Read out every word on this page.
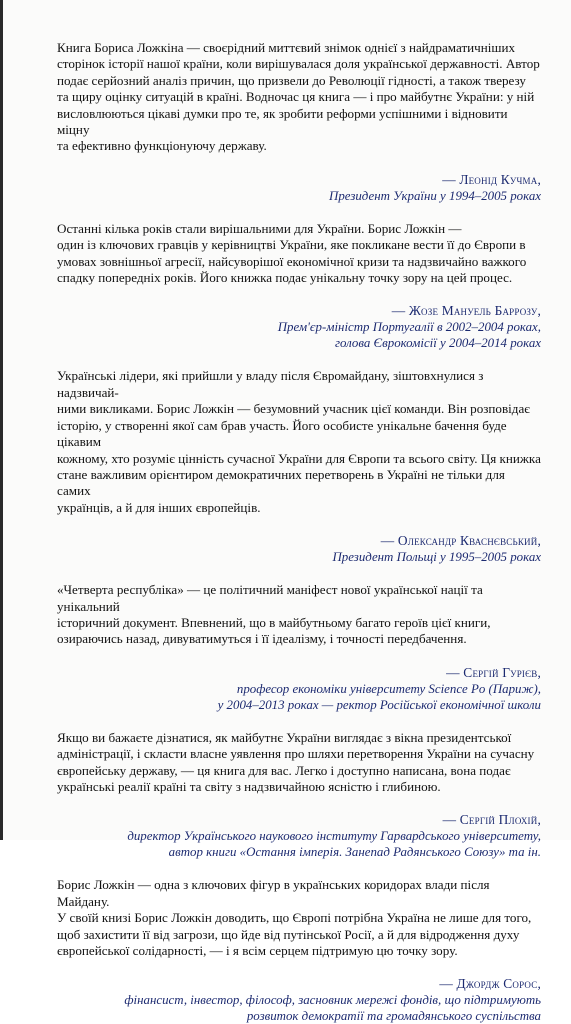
Книга Бориса Ложкіна — своєрідний миттєвий знімок однієї з найдраматичніших

сторінок історії нашої країни, коли вирішувалася доля української державності. Автор

подає серйозний аналіз причин, що призвели до Революції гідності, а також тверезу

та щиру оцінку ситуацій в країні. Водночас ця книга — і про майбутнє України: у ній

висловлюються цікаві думки про те, як зробити реформи успішними і відновити міцну

та ефективно функціонуючу державу.

— Леонід Кучма,
Президент України у 1994–2005 роках

Останні кілька років стали вирішальними для України. Борис Ложкін —

один із ключових гравців у керівництві України, яке покликане вести її до Європи в

умовах зовнішньої агресії, найсуворішої економічної кризи та надзвичайно важкого

спадку попередніх років. Його книжка подає унікальну точку зору на цей процес.

— Жозе Мануель Баррозу,
Прем'єр-міністр Португалії в 2002–2004 роках,
голова Єврокомісії у 2004–2014 роках

Українські лідери, які прийшли у владу після Євромайдану, зіштовхнулися з надзвичай-

ними викликами. Борис Ложкін — безумовний учасник цієї команди. Він розповідає

історію, у створенні якої сам брав участь. Його особисте унікальне бачення буде цікавим

кожному, хто розуміє цінність сучасної України для Європи та всього світу. Ця книжка

стане важливим орієнтиром демократичних перетворень в Україні не тільки для самих

українців, а й для інших європейців.

— Олександр Кваснєвський,
Президент Польщі у 1995–2005 роках

«Четверта республіка» — це політичний маніфест нової української нації та унікальний

історичний документ. Впевнений, що в майбутньому багато героїв цієї книги,

озираючись назад, дивуватимуться і її ідеалізму, і точності передбачення.

— Сергій Гурієв,
професор економіки університету Science Po (Париж),
у 2004–2013 роках — ректор Російської економічної школи

Якщо ви бажаєте дізнатися, як майбутнє України виглядає з вікна президентської

адміністрації, і скласти власне уявлення про шляхи перетворення України на сучасну

європейську державу, — ця книга для вас. Легко і доступно написана, вона подає

українські реалії країні та світу з надзвичайною ясністю і глибиною.

— Сергій Плохій,
директор Українського наукового інституту Гарвардського університету,
автор книги «Остання імперія. Занепад Радянського Союзу» та ін.

Борис Ложкін — одна з ключових фігур в українських коридорах влади після Майдану.

У своїй книзі Борис Ложкін доводить, що Європі потрібна Україна не лише для того,

щоб захистити її від загрози, що йде від путінської Росії, а й для відродження духу

європейської солідарності, — і я всім серцем підтримую цю точку зору.

— Джордж Сорос,
фінансист, інвестор, філософ, засновник мережі фондів, що підтримують
розвиток демократії та громадянського суспільства
